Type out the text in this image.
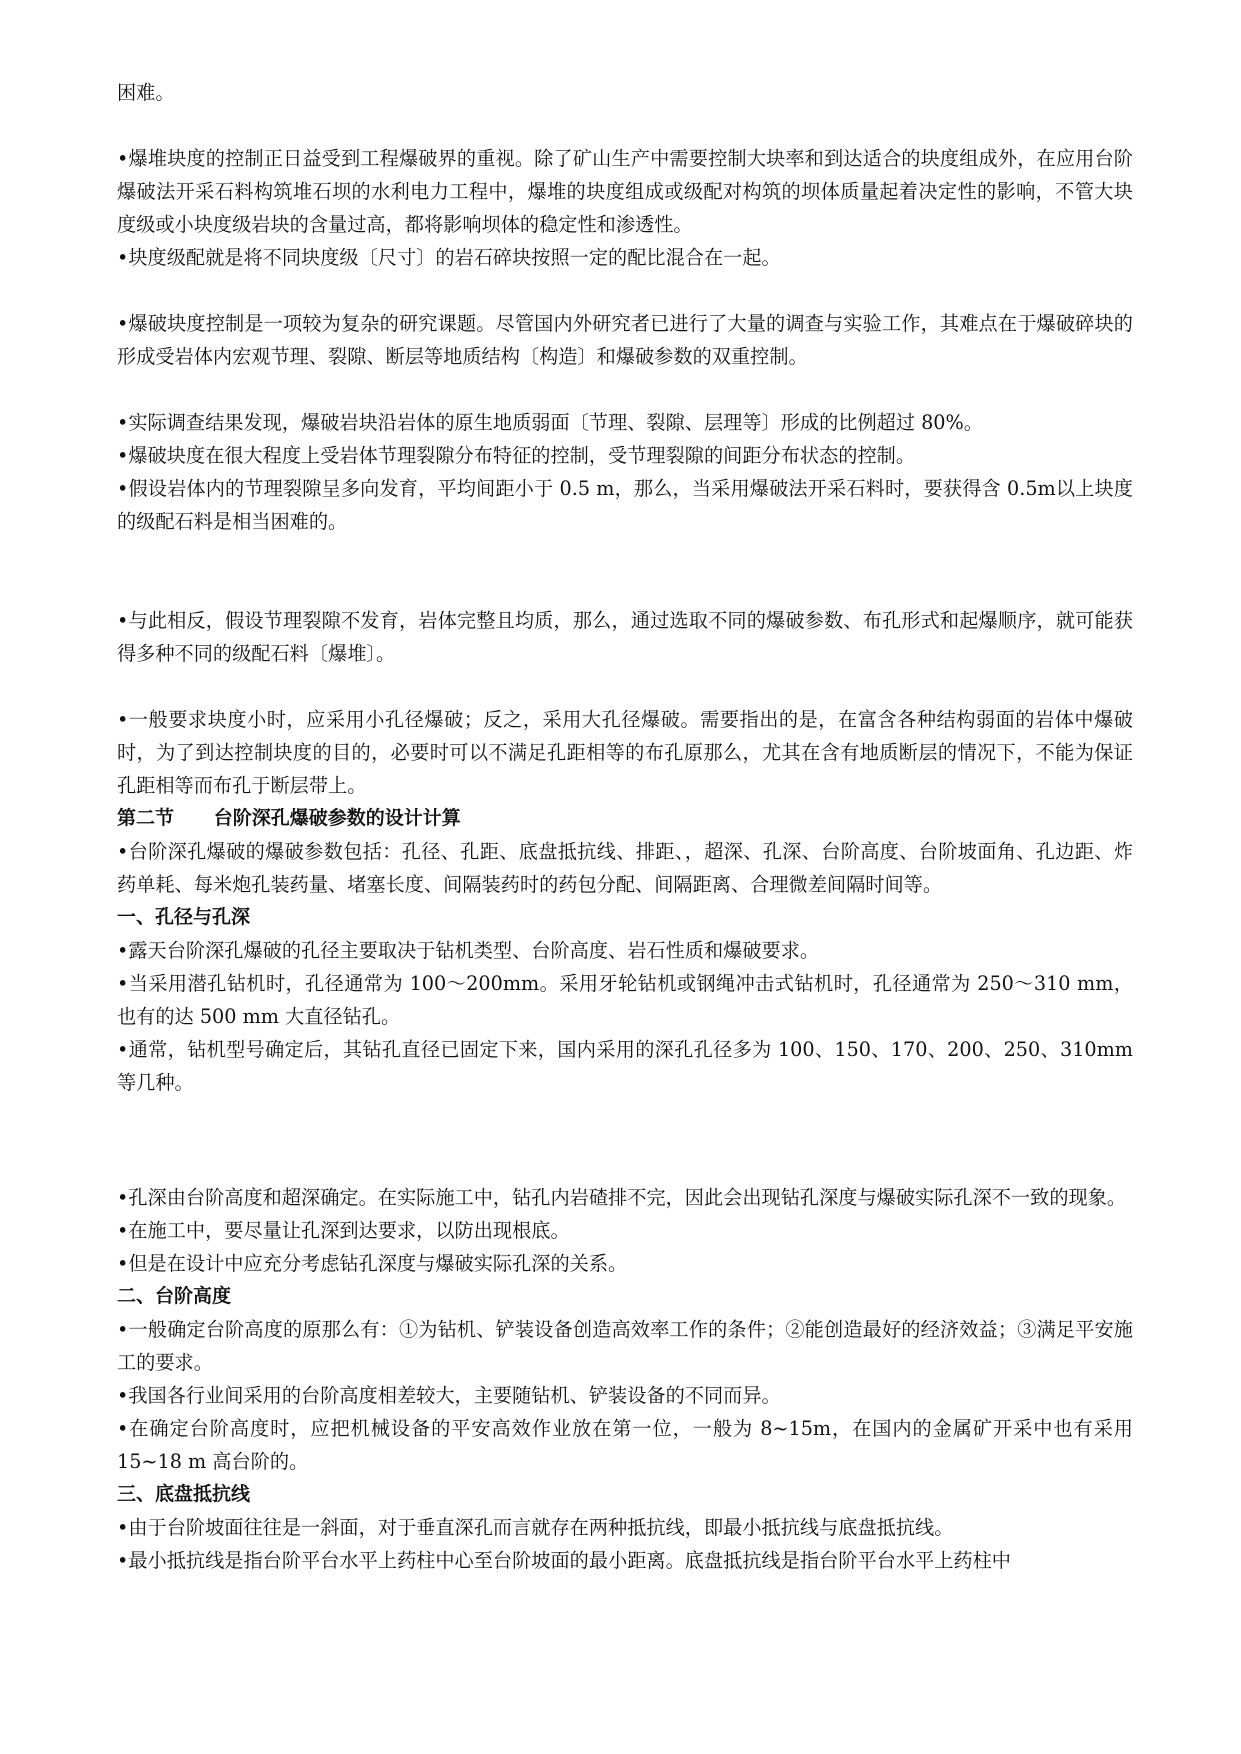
困难。

•爆堆块度的控制正日益受到工程爆破界的重视。除了矿山生产中需要控制大块率和到达适合的块度组成外，在应用台阶爆破法开采石料构筑堆石坝的水利电力工程中，爆堆的块度组成或级配对构筑的坝体质量起着决定性的影响，不管大块度级或小块度级岩块的含量过高，都将影响坝体的稳定性和渗透性。

•块度级配就是将不同块度级〔尺寸〕的岩石碎块按照一定的配比混合在一起。

•爆破块度控制是一项较为复杂的研究课题。尽管国内外研究者已进行了大量的调查与实验工作，其难点在于爆破碎块的形成受岩体内宏观节理、裂隙、断层等地质结构〔构造〕和爆破参数的双重控制。

•实际调查结果发现，爆破岩块沿岩体的原生地质弱面〔节理、裂隙、层理等〕形成的比例超过 80%。

•爆破块度在很大程度上受岩体节理裂隙分布特征的控制，受节理裂隙的间距分布状态的控制。

•假设岩体内的节理裂隙呈多向发育，平均间距小于 0.5 m，那么，当采用爆破法开采石料时，要获得含 0.5m以上块度的级配石料是相当困难的。

•与此相反，假设节理裂隙不发育，岩体完整且均质，那么，通过选取不同的爆破参数、布孔形式和起爆顺序，就可能获得多种不同的级配石料〔爆堆〕。

•一般要求块度小时，应采用小孔径爆破；反之，采用大孔径爆破。需要指出的是，在富含各种结构弱面的岩体中爆破时，为了到达控制块度的目的，必要时可以不满足孔距相等的布孔原那么，尤其在含有地质断层的情况下，不能为保证孔距相等而布孔于断层带上。

第二节      台阶深孔爆破参数的设计计算

•台阶深孔爆破的爆破参数包括：孔径、孔距、底盘抵抗线、排距、，超深、孔深、台阶高度、台阶坡面角、孔边距、炸药单耗、每米炮孔装药量、堵塞长度、间隔装药时的药包分配、间隔距离、合理微差间隔时间等。

一、孔径与孔深

•露天台阶深孔爆破的孔径主要取决于钻机类型、台阶高度、岩石性质和爆破要求。

•当采用潜孔钻机时，孔径通常为 100～200mm。采用牙轮钻机或钢绳冲击式钻机时，孔径通常为 250～310 mm，也有的达 500 mm 大直径钻孔。

•通常，钻机型号确定后，其钻孔直径已固定下来，国内采用的深孔孔径多为 100、150、170、200、250、310mm 等几种。

•孔深由台阶高度和超深确定。在实际施工中，钻孔内岩碴排不完，因此会出现钻孔深度与爆破实际孔深不一致的现象。

•在施工中，要尽量让孔深到达要求，以防出现根底。

•但是在设计中应充分考虑钻孔深度与爆破实际孔深的关系。

二、台阶高度

•一般确定台阶高度的原那么有：①为钻机、铲装设备创造高效率工作的条件；②能创造最好的经济效益；③满足平安施工的要求。

•我国各行业间采用的台阶高度相差较大，主要随钻机、铲装设备的不同而异。

•在确定台阶高度时，应把机械设备的平安高效作业放在第一位，一般为 8~15m，在国内的金属矿开采中也有采用 15~18 m 高台阶的。

三、底盘抵抗线

•由于台阶坡面往往是一斜面，对于垂直深孔而言就存在两种抵抗线，即最小抵抗线与底盘抵抗线。

•最小抵抗线是指台阶平台水平上药柱中心至台阶坡面的最小距离。底盘抵抗线是指台阶平台水平上药柱中
